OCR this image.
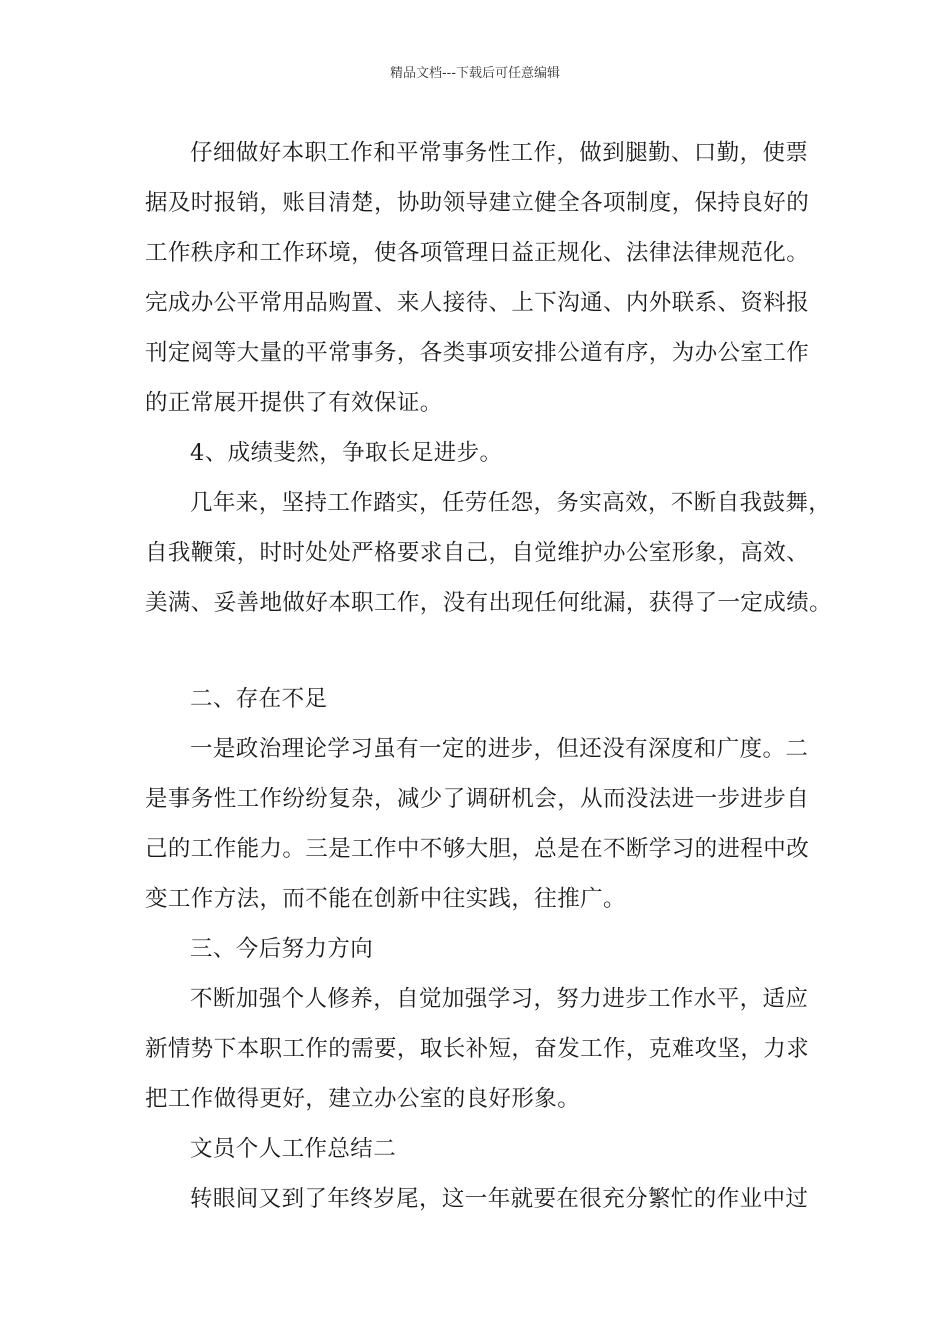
精品文档---下载后可任意编辑
仔细做好本职工作和平常事务性工作，做到腿勤、口勤，使票
据及时报销，账目清楚，协助领导建立健全各项制度，保持良好的
工作秩序和工作环境，使各项管理日益正规化、法律法律规范化。
完成办公平常用品购置、来人接待、上下沟通、内外联系、资料报
刊定阅等大量的平常事务，各类事项安排公道有序，为办公室工作
的正常展开提供了有效保证。
4、成绩斐然，争取长足进步。
几年来，坚持工作踏实，任劳任怨，务实高效，不断自我鼓舞，
自我鞭策，时时处处严格要求自己，自觉维护办公室形象，高效、
美满、妥善地做好本职工作，没有出现任何纰漏，获得了一定成绩。
二、存在不足
一是政治理论学习虽有一定的进步，但还没有深度和广度。二
是事务性工作纷纷复杂，减少了调研机会，从而没法进一步进步自
己的工作能力。三是工作中不够大胆，总是在不断学习的进程中改
变工作方法，而不能在创新中往实践，往推广。
三、今后努力方向
不断加强个人修养，自觉加强学习，努力进步工作水平，适应
新情势下本职工作的需要，取长补短，奋发工作，克难攻坚，力求
把工作做得更好，建立办公室的良好形象。
文员个人工作总结二
转眼间又到了年终岁尾，这一年就要在很充分繁忙的作业中过
